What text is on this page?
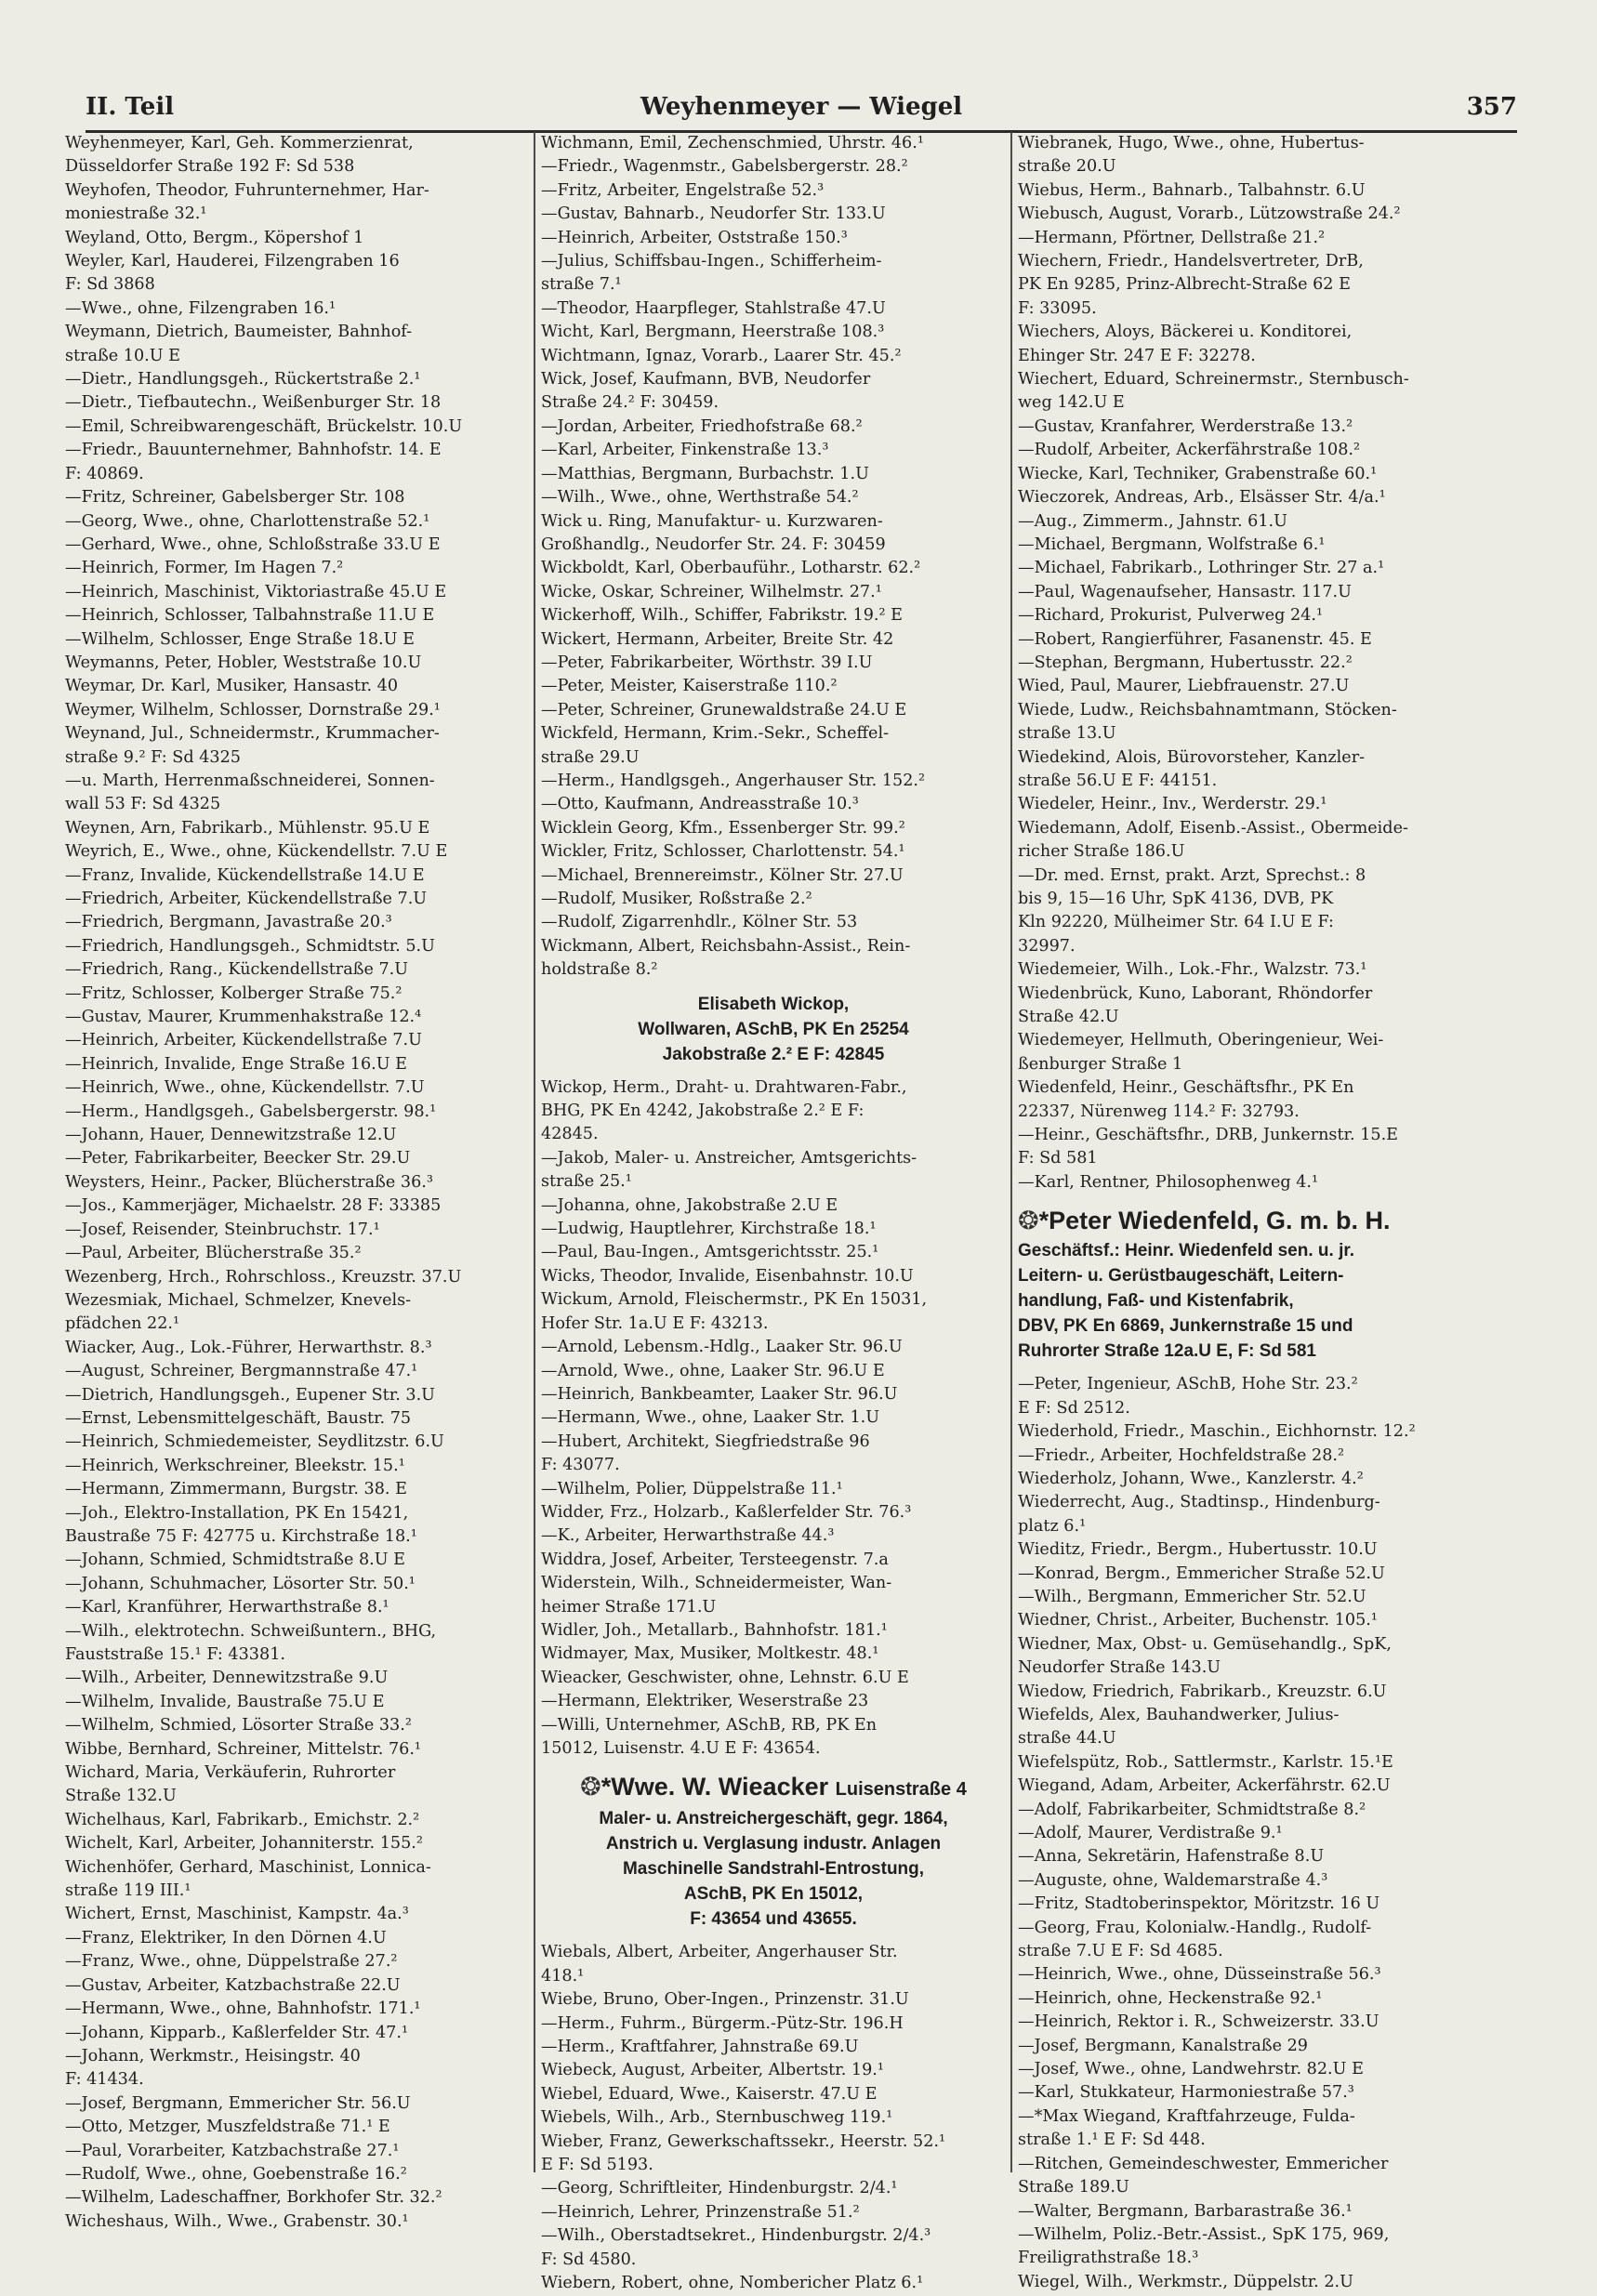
Weyhenmeyer — Wiegel
II. Teil	357

Weyhenmeyer, Karl, Geh. Kommerzienrat,
Düsseldorfer Straße 192 F: Sd 538

Weyhofen, Theodor, Fuhrunternehmer, Har-
moniestraße 32.¹

Weyland, Otto, Bergm., Köpershof 1

Weyler, Karl, Hauderei, Filzengraben 16
F: Sd 3868

—Wwe., ohne, Filzengraben 16.¹

Weymann, Dietrich, Baumeister, Bahnhof-
straße 10.U E

—Dietr., Handlungsgeh., Rückertstraße 2.¹

—Dietr., Tiefbautechn., Weißenburger Str. 18

—Emil, Schreibwarengeschäft, Brückelstr. 10.U

—Friedr., Bauunternehmer, Bahnhofstr. 14. E
F: 40869.

—Fritz, Schreiner, Gabelsberger Str. 108

—Georg, Wwe., ohne, Charlottenstraße 52.¹

—Gerhard, Wwe., ohne, Schloßstraße 33.U E

—Heinrich, Former, Im Hagen 7.²

—Heinrich, Maschinist, Viktoriastraße 45.U E

—Heinrich, Schlosser, Talbahnstraße 11.U E

—Wilhelm, Schlosser, Enge Straße 18.U E

Weymanns, Peter, Hobler, Weststraße 10.U

Weymar, Dr. Karl, Musiker, Hansastr. 40

Weymer, Wilhelm, Schlosser, Dornstraße 29.¹

Weynand, Jul., Schneidermstr., Krummacher-
straße 9.² F: Sd 4325

—u. Marth, Herrenmaßschneiderei, Sonnen-
wall 53 F: Sd 4325

Weynen, Arn, Fabrikarb., Mühlenstr. 95.U E

Weyrich, E., Wwe., ohne, Kückendellstr. 7.U E

—Franz, Invalide, Kückendellstraße 14.U E

—Friedrich, Arbeiter, Kückendellstraße 7.U

—Friedrich, Bergmann, Javastraße 20.³

—Friedrich, Handlungsgeh., Schmidtstr. 5.U

—Friedrich, Rang., Kückendellstraße 7.U

—Fritz, Schlosser, Kolberger Straße 75.²

—Gustav, Maurer, Krummenhakstraße 12.⁴

—Heinrich, Arbeiter, Kückendellstraße 7.U

—Heinrich, Invalide, Enge Straße 16.U E

—Heinrich, Wwe., ohne, Kückendellstr. 7.U

—Herm., Handlgsgeh., Gabelsbergerstr. 98.¹

—Johann, Hauer, Dennewitzstraße 12.U

—Peter, Fabrikarbeiter, Beecker Str. 29.U

Weysters, Heinr., Packer, Blücherstraße 36.³

—Jos., Kammerjäger, Michaelstr. 28 F: 33385

—Josef, Reisender, Steinbruchstr. 17.¹

—Paul, Arbeiter, Blücherstraße 35.²

Wezenberg, Hrch., Rohrschloss., Kreuzstr. 37.U

Wezesmiak, Michael, Schmelzer, Knevels-
pfädchen 22.¹

Wiacker, Aug., Lok.-Führer, Herwarthstr. 8.³

—August, Schreiner, Bergmannstraße 47.¹

—Dietrich, Handlungsgeh., Eupener Str. 3.U

—Ernst, Lebensmittelgeschäft, Baustr. 75

—Heinrich, Schmiedemeister, Seydlitzstr. 6.U

—Heinrich, Werkschreiner, Bleekstr. 15.¹

—Hermann, Zimmermann, Burgstr. 38. E

—Joh., Elektro-Installation, PK En 15421,
Baustraße 75 F: 42775 u. Kirchstraße 18.¹

—Johann, Schmied, Schmidtstraße 8.U E

—Johann, Schuhmacher, Lösorter Str. 50.¹

—Karl, Kranführer, Herwarthstraße 8.¹

—Wilh., elektrotechn. Schweißuntern., BHG,
Fauststraße 15.¹ F: 43381.

—Wilh., Arbeiter, Dennewitzstraße 9.U

—Wilhelm, Invalide, Baustraße 75.U E

—Wilhelm, Schmied, Lösorter Straße 33.²

Wibbe, Bernhard, Schreiner, Mittelstr. 76.¹

Wichard, Maria, Verkäuferin, Ruhrorter
Straße 132.U

Wichelhaus, Karl, Fabrikarb., Emichstr. 2.²

Wichelt, Karl, Arbeiter, Johanniterstr. 155.²

Wichenhöfer, Gerhard, Maschinist, Lonnica-
straße 119 III.¹

Wichert, Ernst, Maschinist, Kampstr. 4a.³

—Franz, Elektriker, In den Dörnen 4.U

—Franz, Wwe., ohne, Düppelstraße 27.²

—Gustav, Arbeiter, Katzbachstraße 22.U

—Hermann, Wwe., ohne, Bahnhofstr. 171.¹

—Johann, Kipparb., Kaßlerfelder Str. 47.¹

—Johann, Werkmstr., Heisingstr. 40
F: 41434.

—Josef, Bergmann, Emmericher Str. 56.U

—Otto, Metzger, Muszfeldstraße 71.¹ E

—Paul, Vorarbeiter, Katzbachstraße 27.¹

—Rudolf, Wwe., ohne, Goebenstraße 16.²

—Wilhelm, Ladeschaffner, Borkhofer Str. 32.²

Wicheshaus, Wilh., Wwe., Grabenstr. 30.¹

Wichmann, Emil, Zechenschmied, Uhrstr. 46.¹

—Friedr., Wagenmstr., Gabelsbergerstr. 28.²

—Fritz, Arbeiter, Engelstraße 52.³

—Gustav, Bahnarb., Neudorfer Str. 133.U

—Heinrich, Arbeiter, Oststraße 150.³

—Julius, Schiffsbau-Ingen., Schifferheim-
straße 7.¹

—Theodor, Haarpfleger, Stahlstraße 47.U

Wicht, Karl, Bergmann, Heerstraße 108.³

Wichtmann, Ignaz, Vorarb., Laarer Str. 45.²

Wick, Josef, Kaufmann, BVB, Neudorfer
Straße 24.² F: 30459.

—Jordan, Arbeiter, Friedhofstraße 68.²

—Karl, Arbeiter, Finkenstraße 13.³

—Matthias, Bergmann, Burbachstr. 1.U

—Wilh., Wwe., ohne, Werthstraße 54.²

Wick u. Ring, Manufaktur- u. Kurzwaren-
Großhandlg., Neudorfer Str. 24. F: 30459

Wickboldt, Karl, Oberbauführ., Lotharstr. 62.²

Wicke, Oskar, Schreiner, Wilhelmstr. 27.¹

Wickerhoff, Wilh., Schiffer, Fabrikstr. 19.² E

Wickert, Hermann, Arbeiter, Breite Str. 42

—Peter, Fabrikarbeiter, Wörthstr. 39 I.U

—Peter, Meister, Kaiserstraße 110.²

—Peter, Schreiner, Grunewaldstraße 24.U E

Wickfeld, Hermann, Krim.-Sekr., Scheffel-
straße 29.U

—Herm., Handlgsgeh., Angerhauser Str. 152.²

—Otto, Kaufmann, Andreasstraße 10.³

Wicklein Georg, Kfm., Essenberger Str. 99.²

Wickler, Fritz, Schlosser, Charlottenstr. 54.¹

—Michael, Brennereimstr., Kölner Str. 27.U

—Rudolf, Musiker, Roßstraße 2.²

—Rudolf, Zigarrenhdlr., Kölner Str. 53

Wickmann, Albert, Reichsbahn-Assist., Rein-
holdstraße 8.²

Elisabeth Wickop,
Wollwaren, ASchB, PK En 25254
Jakobstraße 2.² E F: 42845

Wickop, Herm., Draht- u. Drahtwaren-Fabr.,
BHG, PK En 4242, Jakobstraße 2.² E F:
42845.

—Jakob, Maler- u. Anstreicher, Amtsgerichts-
straße 25.¹

—Johanna, ohne, Jakobstraße 2.U E

—Ludwig, Hauptlehrer, Kirchstraße 18.¹

—Paul, Bau-Ingen., Amtsgerichtsstr. 25.¹

Wicks, Theodor, Invalide, Eisenbahnstr. 10.U

Wickum, Arnold, Fleischermstr., PK En 15031,
Hofer Str. 1a.U E F: 43213.

—Arnold, Lebensm.-Hdlg., Laaker Str. 96.U

—Arnold, Wwe., ohne, Laaker Str. 96.U E

—Heinrich, Bankbeamter, Laaker Str. 96.U

—Hermann, Wwe., ohne, Laaker Str. 1.U

—Hubert, Architekt, Siegfriedstraße 96
F: 43077.

—Wilhelm, Polier, Düppelstraße 11.¹

Widder, Frz., Holzarb., Kaßlerfelder Str. 76.³

—K., Arbeiter, Herwarthstraße 44.³

Widdra, Josef, Arbeiter, Tersteegenstr. 7.a

Widerstein, Wilh., Schneidermeister, Wan-
heimer Straße 171.U

Widler, Joh., Metallarb., Bahnhofstr. 181.¹

Widmayer, Max, Musiker, Moltkestr. 48.¹

Wieacker, Geschwister, ohne, Lehnstr. 6.U E

—Hermann, Elektriker, Weserstraße 23

—Willi, Unternehmer, ASchB, RB, PK En
15012, Luisenstr. 4.U E F: 43654.

❂*Wwe. W. Wieacker Luisenstraße 4
Maler- u. Anstreichergeschäft, gegr. 1864,
Anstrich u. Verglasung industr. Anlagen
Maschinelle Sandstrahl-Entrostung,
ASchB, PK En 15012,
F: 43654 und 43655.

Wiebals, Albert, Arbeiter, Angerhauser Str.
418.¹

Wiebe, Bruno, Ober-Ingen., Prinzenstr. 31.U

—Herm., Fuhrm., Bürgerm.-Pütz-Str. 196.H

—Herm., Kraftfahrer, Jahnstraße 69.U

Wiebeck, August, Arbeiter, Albertstr. 19.¹

Wiebel, Eduard, Wwe., Kaiserstr. 47.U E

Wiebels, Wilh., Arb., Sternbuschweg 119.¹

Wieber, Franz, Gewerkschaftssekr., Heerstr. 52.¹
E F: Sd 5193.

—Georg, Schriftleiter, Hindenburgstr. 2/4.¹

—Heinrich, Lehrer, Prinzenstraße 51.²

—Wilh., Oberstadtsekret., Hindenburgstr. 2/4.³
F: Sd 4580.

Wiebern, Robert, ohne, Nombericher Platz 6.¹

Wiebranek, Hugo, Wwe., ohne, Hubertus-
straße 20.U

Wiebus, Herm., Bahnarb., Talbahnstr. 6.U

Wiebusch, August, Vorarb., Lützowstraße 24.²

—Hermann, Pförtner, Dellstraße 21.²

Wiechern, Friedr., Handelsvertreter, DrB,
PK En 9285, Prinz-Albrecht-Straße 62 E
F: 33095.

Wiechers, Aloys, Bäckerei u. Konditorei,
Ehinger Str. 247 E F: 32278.

Wiechert, Eduard, Schreinermstr., Sternbusch-
weg 142.U E

—Gustav, Kranfahrer, Werderstraße 13.²

—Rudolf, Arbeiter, Ackerfährstraße 108.²

Wiecke, Karl, Techniker, Grabenstraße 60.¹

Wieczorek, Andreas, Arb., Elsässer Str. 4/a.¹

—Aug., Zimmerm., Jahnstr. 61.U

—Michael, Bergmann, Wolfstraße 6.¹

—Michael, Fabrikarb., Lothringer Str. 27 a.¹

—Paul, Wagenaufseher, Hansastr. 117.U

—Richard, Prokurist, Pulverweg 24.¹

—Robert, Rangierführer, Fasanenstr. 45. E

—Stephan, Bergmann, Hubertusstr. 22.²

Wied, Paul, Maurer, Liebfrauenstr. 27.U

Wiede, Ludw., Reichsbahnamtmann, Stöcken-
straße 13.U

Wiedekind, Alois, Bürovorsteher, Kanzler-
straße 56.U E F: 44151.

Wiedeler, Heinr., Inv., Werderstr. 29.¹

Wiedemann, Adolf, Eisenb.-Assist., Obermeide-
richer Straße 186.U

—Dr. med. Ernst, prakt. Arzt, Sprechst.: 8
bis 9, 15—16 Uhr, SpK 4136, DVB, PK
Kln 92220, Mülheimer Str. 64 I.U E F:
32997.

Wiedemeier, Wilh., Lok.-Fhr., Walzstr. 73.¹

Wiedenbrück, Kuno, Laborant, Rhöndorfer
Straße 42.U

Wiedemeyer, Hellmuth, Oberingenieur, Wei-
ßenburger Straße 1

Wiedenfeld, Heinr., Geschäftsfhr., PK En
22337, Nürenweg 114.² F: 32793.

—Heinr., Geschäftsfhr., DRB, Junkernstr. 15.E
F: Sd 581

—Karl, Rentner, Philosophenweg 4.¹

❂*Peter Wiedenfeld, G. m. b. H.
Geschäftsf.: Heinr. Wiedenfeld sen. u. jr.
Leitern- u. Gerüstbaugeschäft, Leitern-
handlung, Faß- und Kistenfabrik,
DBV, PK En 6869, Junkernstraße 15 und
Ruhrorter Straße 12a.U E, F: Sd 581

—Peter, Ingenieur, ASchB, Hohe Str. 23.²
E F: Sd 2512.

Wiederhold, Friedr., Maschin., Eichhornstr. 12.²

—Friedr., Arbeiter, Hochfeldstraße 28.²

Wiederholz, Johann, Wwe., Kanzlerstr. 4.²

Wiederrecht, Aug., Stadtinsp., Hindenburg-
platz 6.¹

Wieditz, Friedr., Bergm., Hubertusstr. 10.U

—Konrad, Bergm., Emmericher Straße 52.U

—Wilh., Bergmann, Emmericher Str. 52.U

Wiedner, Christ., Arbeiter, Buchenstr. 105.¹

Wiedner, Max, Obst- u. Gemüsehandlg., SpK,
Neudorfer Straße 143.U

Wiedow, Friedrich, Fabrikarb., Kreuzstr. 6.U

Wiefelds, Alex, Bauhandwerker, Julius-
straße 44.U

Wiefelspütz, Rob., Sattlermstr., Karlstr. 15.¹E

Wiegand, Adam, Arbeiter, Ackerfährstr. 62.U

—Adolf, Fabrikarbeiter, Schmidtstraße 8.²

—Adolf, Maurer, Verdistraße 9.¹

—Anna, Sekretärin, Hafenstraße 8.U

—Auguste, ohne, Waldemarstraße 4.³

—Fritz, Stadtoberinspektor, Möritzstr. 16 U

—Georg, Frau, Kolonialw.-Handlg., Rudolf-
straße 7.U E F: Sd 4685.

—Heinrich, Wwe., ohne, Düsseinstraße 56.³

—Heinrich, ohne, Heckenstraße 92.¹

—Heinrich, Rektor i. R., Schweizerstr. 33.U

—Josef, Bergmann, Kanalstraße 29

—Josef, Wwe., ohne, Landwehrstr. 82.U E

—Karl, Stukkateur, Harmoniestraße 57.³

—*Max Wiegand, Kraftfahrzeuge, Fulda-
straße 1.¹ E F: Sd 448.

—Ritchen, Gemeindeschwester, Emmericher
Straße 189.U

—Walter, Bergmann, Barbarastraße 36.¹

—Wilhelm, Poliz.-Betr.-Assist., SpK 175, 969,
Freiligrathstraße 18.³

Wiegel, Wilh., Werkmstr., Düppelstr. 2.U
